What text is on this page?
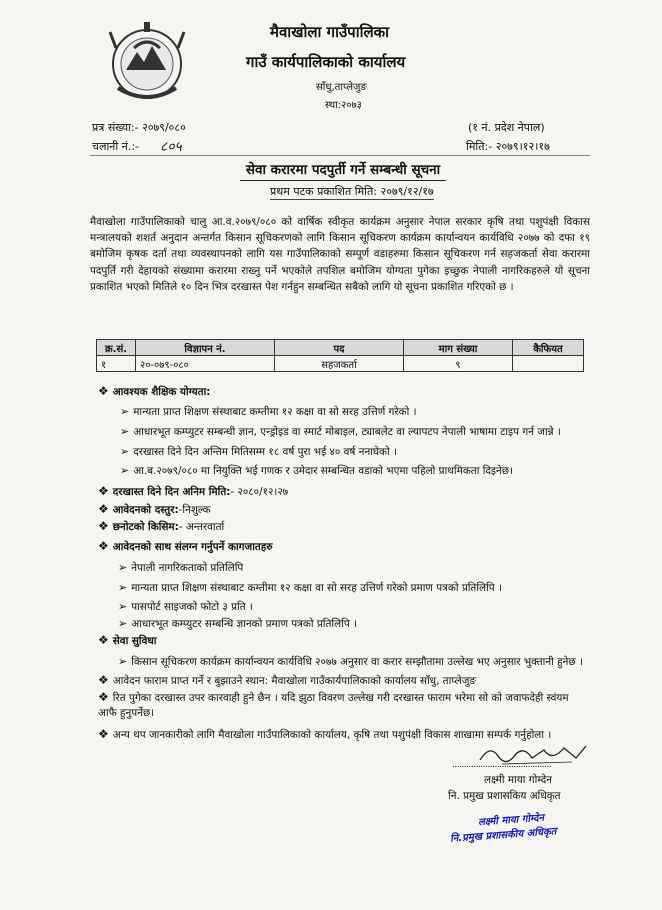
मैवाखोला गाउँपालिका
गाउँ कार्यपालिकाको कार्यालय
साँधु,ताप्लेजुङ
स्था:२०७३
प्रत्र संख्या:- २०७९/०८०
चलानी नं.:- ८०५
(१ नं. प्रदेश नेपाल)
मिति:- २०७९।१२।१७
सेवा करारमा पदपुर्ती गर्ने सम्बन्धी सूचना
प्रथम पटक प्रकाशित मिति: २०७९/१२/१७
मैवाखोला गाउँपालिकाको चालु आ.व.२०७९/०८० को वार्षिक स्वीकृत कार्यक्रम अनुसार नेपाल सरकार कृषि तथा पशुपंक्षी विकास मन्त्रालयको शशर्त अनुदान अन्तर्गत किसान सूचिकरणको लागि किसान सूचिकरण कार्यक्रम कार्यान्वयन कार्यविधि २०७७ को दफा १९ बमोजिम कृषक दर्ता तथा व्यवस्थापनको लागि यस गाउँपालिकाको सम्पूर्ण वडाहरुमा किसान सूचिकरण गर्न सहजकर्ता सेवा करारमा पदपुर्ति गरी देहायको संख्यामा करारमा राख्नु पर्ने भएकोले तपशिल बमोजिम योग्यता पुगेका इच्छुक नेपाली नागरिकहरुले यो सूचना प्रकाशित भएको मितिले १० दिन भित्र दरखास्त पेश गर्नहुन सम्बन्धित सबैको लागि यो सूचना प्रकाशित गरिएको छ ।
क्र.सं.	विज्ञापन नं.	पद	माग संख्या	कैफियत
१	२०-०७९-०८०	सहजकर्ता	९	
❖ आवश्यक शैक्षिक योग्यता:
➢ मान्यता प्राप्त शिक्षण संस्थाबाट कम्तीमा १२ कक्षा वा सो सरह उत्तिर्ण गरेको ।
➢ आधारभूत कम्प्युटर सम्बन्धी ज्ञान, एन्ड्रोइड वा स्मार्ट मोबाइल, ट्याबलेट वा ल्यापटप नेपाली भाषामा टाइप गर्न जान्ने ।
➢ दरखास्त दिने दिन अन्तिम मितिसम्म १८ वर्ष पुरा भई ४० वर्ष ननाघेको ।
➢ आ.ब.२०७९/०८० मा नियुक्ति भई गणक र उमेदार सम्बन्धित वडाको भएमा पहिलो प्राथमिकता दिइनेछ।
❖ दरखास्त दिने दिन अनिम मिति:- २०८०/१२।२७
❖ आवेदनको दस्तुर:-निशुल्क
❖ छनोटको किसिम:- अन्तरवार्ता
❖ आवेदनको साथ संलग्न गर्नुपर्ने कागजातहरु
➢ नेपाली नागरिकताको प्रतिलिपि
➢ मान्यता प्राप्त शिक्षण संस्थाबाट कम्तीमा १२ कक्षा वा सो सरह उत्तिर्ण गरेको प्रमाण पत्रको प्रतिलिपि ।
➢ पासपोर्ट साइजको फोटो ३ प्रति ।
➢ आधारभूत कम्प्युटर सम्बन्धि ज्ञानको प्रमाण पत्रको प्रतिलिपि ।
❖ सेवा सुविधा
➢ किसान सूचिकरण कार्यक्रम कार्यान्वयन कार्यविधि २०७७ अनुसार वा करार सम्झौतामा उल्लेख भए अनुसार भुक्तानी हुनेछ ।
❖ आवेदन फाराम प्राप्त गर्ने र बुझाउने स्थान: मैवाखोला गाउँकार्यपालिकाको कार्यालय साँधु, ताप्लेजुङ
❖ रित पुगेका दरखास्त उपर कारवाही हुने छैन । यदि झुठा विवरण उल्लेख गरी दरखास्त फाराम भरेमा सो को जवाफदेही स्वंयम आफै हुनुपर्नेछ।
❖ अन्य थप जानकारीको लागि मैवाखोला गाउँपालिकाको कार्यालय, कृषि तथा पशुपंक्षी विकास शाखामा सम्पर्क गर्नुहोला ।
..........................................
लक्ष्मी माया गोम्देन
नि. प्रमुख प्रशासकिय अधिकृत
लक्ष्मी माया गोम्देन
नि.प्रमुख प्रशासकीय अधिकृत
